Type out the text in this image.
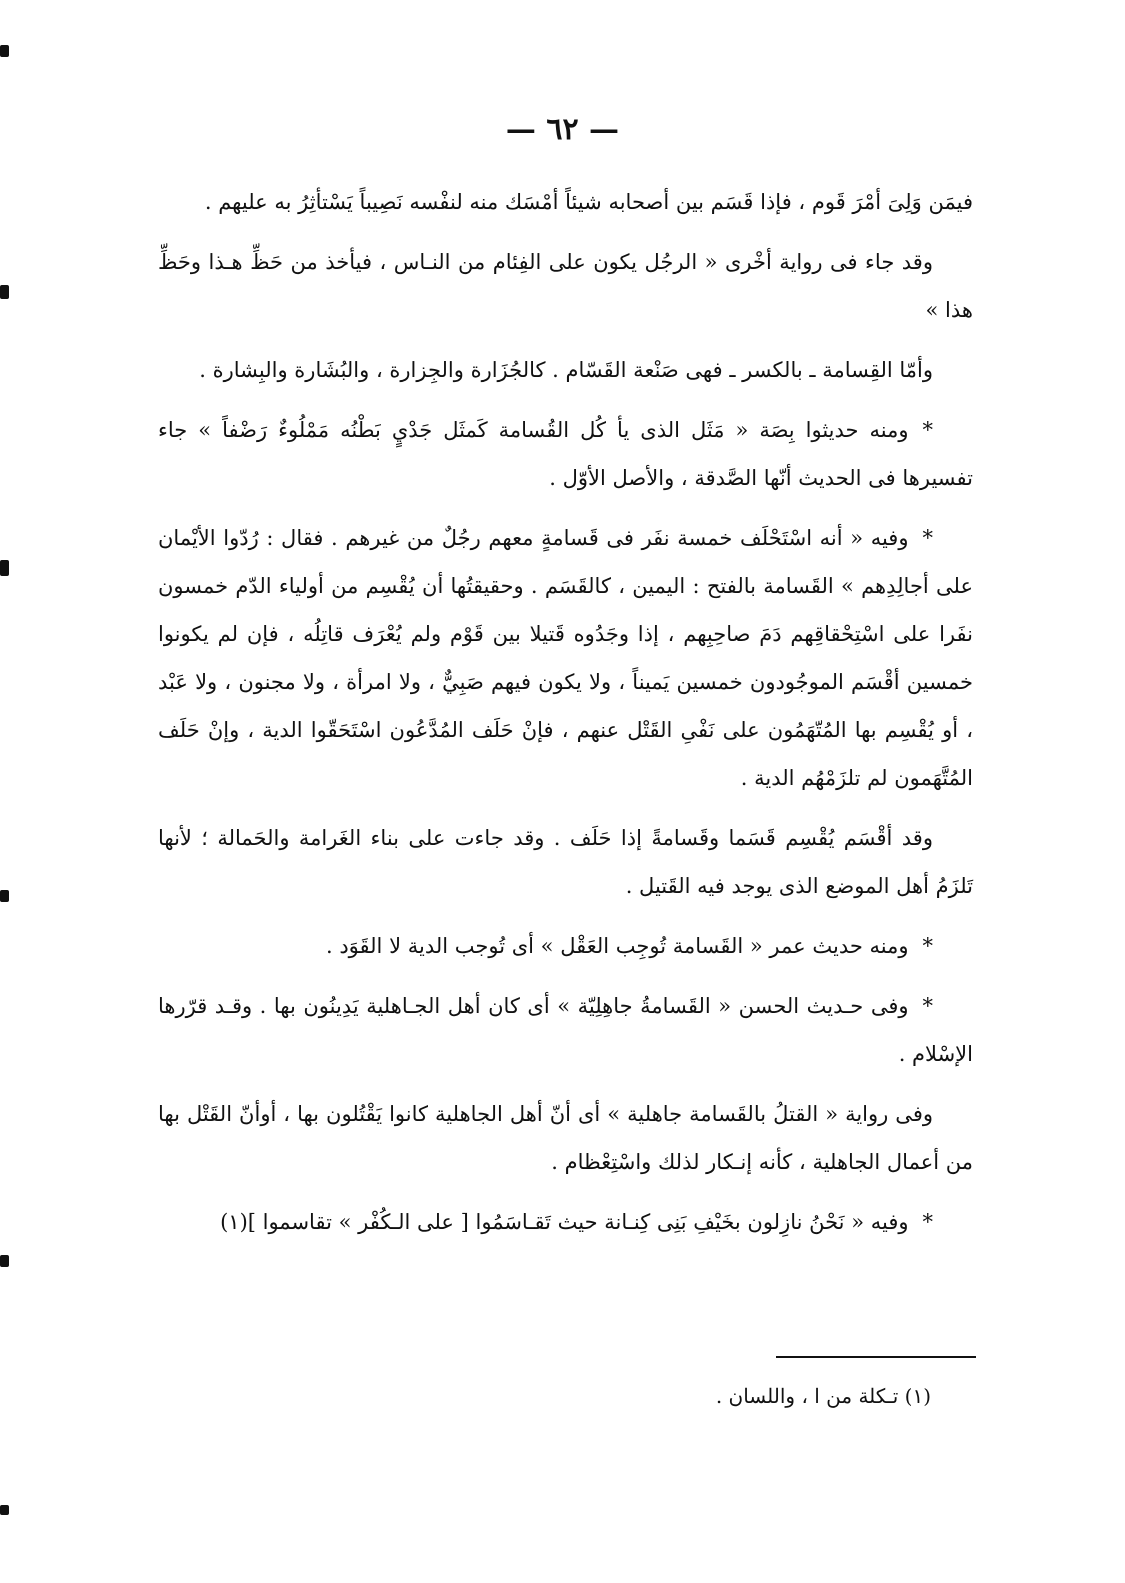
— ٦٢ —

فيمَن وَلِىَ أمْرَ قَوم ، فإذا قَسَم بين أصحابه شيئاً أمْسَك منه لنفْسه نَصِيباً يَسْتأثِرُ به عليهم .

وقد جاء فى رواية أخْرى « الرجُل يكون على الفِئام من النـاس ، فيأخذ من حَظِّ هـذا وحَظِّ هذا »

وأمّا القِسامة ـ بالكسر ـ فهى صَنْعة القَسّام . كالجُزَارة والجِزارة ، والبُشَارة والبِشارة .

*ومنه حديثوا بِصَة « مَثَل الذى يأ كُل القُسامة كَمثَل جَدْيٍ بَطْنُه مَمْلُوءٌ رَضْفاً » جاء تفسيرها فى الحديث أنّها الصَّدقة ، والأصل الأوّل .

*وفيه « أنه اسْتَحْلَف خمسة نفَر فى قَسامةٍ معهم رجُلٌ من غيرهم . فقال : رُدّوا الأيْمان على أجالِدِهم » القَسامة بالفتح : اليمين ، كالقَسَم . وحقيقتُها أن يُقْسِم من أولياء الدّم خمسون نفَرا على اسْتِحْقاقِهم دَمَ صاحِبِهم ، إذا وجَدُوه قَتيلا بين قَوْم ولم يُعْرَف قاتِلُه ، فإن لم يكونوا خمسين أقْسَم الموجُودون خمسين يَميناً ، ولا يكون فيهم صَبِيٌّ ، ولا امرأة ، ولا مجنون ، ولا عَبْد ، أو يُقْسِم بها المُتّهَمُون على نَفْىِ القَتْل عنهم ، فإنْ حَلَف المُدَّعُون اسْتَحَقّوا الدية ، وإنْ حَلَف المُتَّهَمون لم تلزَمْهُم الدية .

وقد أقْسَم يُقْسِم قَسَما وقَسامةً إذا حَلَف . وقد جاءت على بناء الغَرامة والحَمالة ؛ لأنها تَلزَمُ أهل الموضع الذى يوجد فيه القَتيل .

*ومنه حديث عمر « القَسامة تُوجِب العَقْل » أى تُوجب الدية لا القَوَد .

*وفى حـديث الحسن « القَسامةُ جاهِلِيّة » أى كان أهل الجـاهلية يَدِينُون بها . وقـد قرّرها الإسْلام .

وفى رواية « القتلُ بالقَسامة جاهلية » أى أنّ أهل الجاهلية كانوا يَقْتُلون بها ، أوأنّ القَتْل بها من أعمال الجاهلية ، كأنه إنـكار لذلك واسْتِعْظام .

*وفيه « نَحْنُ نازِلون بخَيْفِ بَنِى كِنـانة حيث تَقـاسَمُوا [ على الـكُفْر » تقاسموا ](١)

(١) تـكلة من ا ، واللسان .
